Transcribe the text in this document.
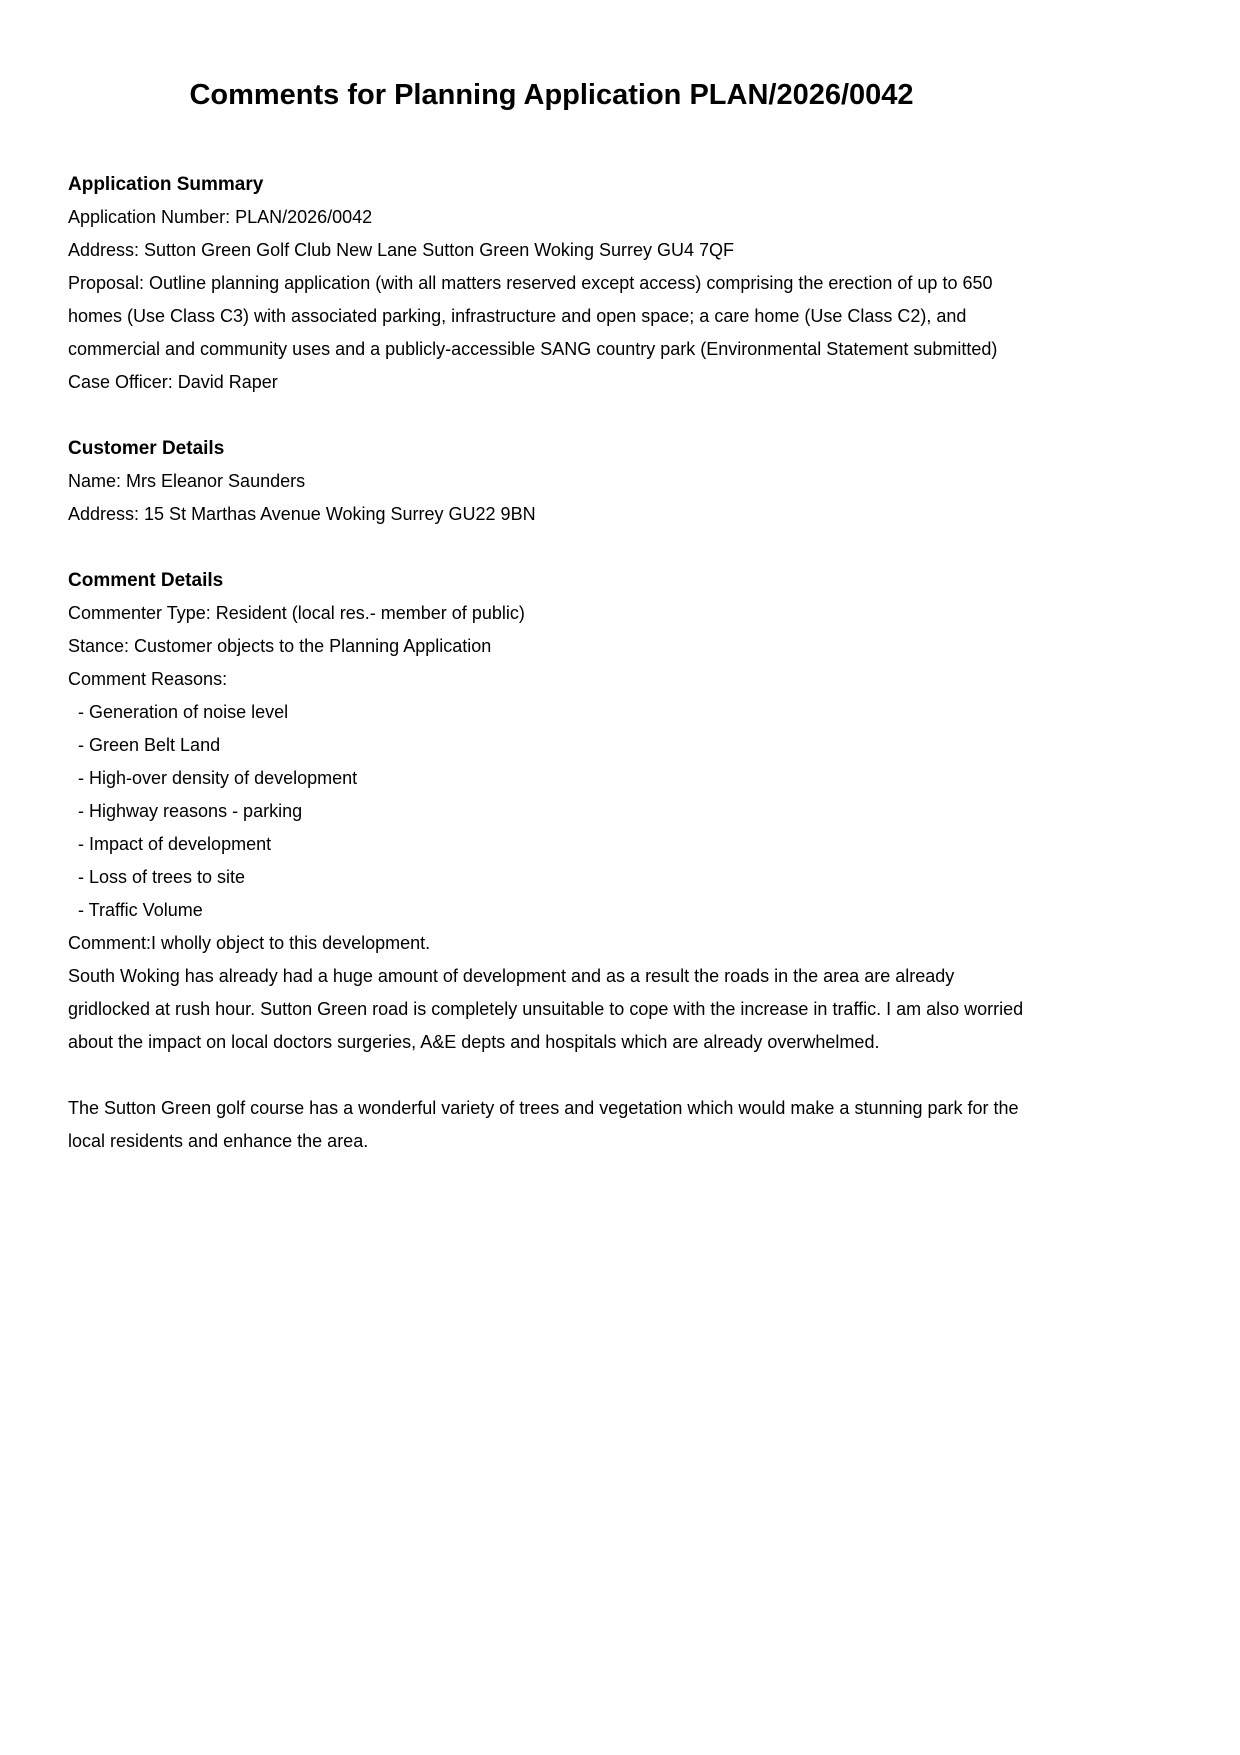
Comments for Planning Application PLAN/2026/0042
Application Summary

Application Number: PLAN/2026/0042

Address: Sutton Green Golf Club New Lane Sutton Green Woking Surrey GU4 7QF

Proposal: Outline planning application (with all matters reserved except access) comprising the erection of up to 650 homes (Use Class C3) with associated parking, infrastructure and open space; a care home (Use Class C2), and commercial and community uses and a publicly-accessible SANG country park (Environmental Statement submitted)

Case Officer: David Raper

Customer Details

Name: Mrs Eleanor Saunders

Address: 15 St Marthas Avenue Woking Surrey GU22 9BN

Comment Details

Commenter Type: Resident (local res.- member of public)

Stance: Customer objects to the Planning Application

Comment Reasons:

- Generation of noise level

- Green Belt Land

- High-over density of development

- Highway reasons - parking

- Impact of development

- Loss of trees to site

- Traffic Volume

Comment:I wholly object to this development.

South Woking has already had a huge amount of development and as a result the roads in the area are already gridlocked at rush hour. Sutton Green road is completely unsuitable to cope with the increase in traffic. I am also worried about the impact on local doctors surgeries, A&E depts and hospitals which are already overwhelmed.

The Sutton Green golf course has a wonderful variety of trees and vegetation which would make a stunning park for the local residents and enhance the area.
